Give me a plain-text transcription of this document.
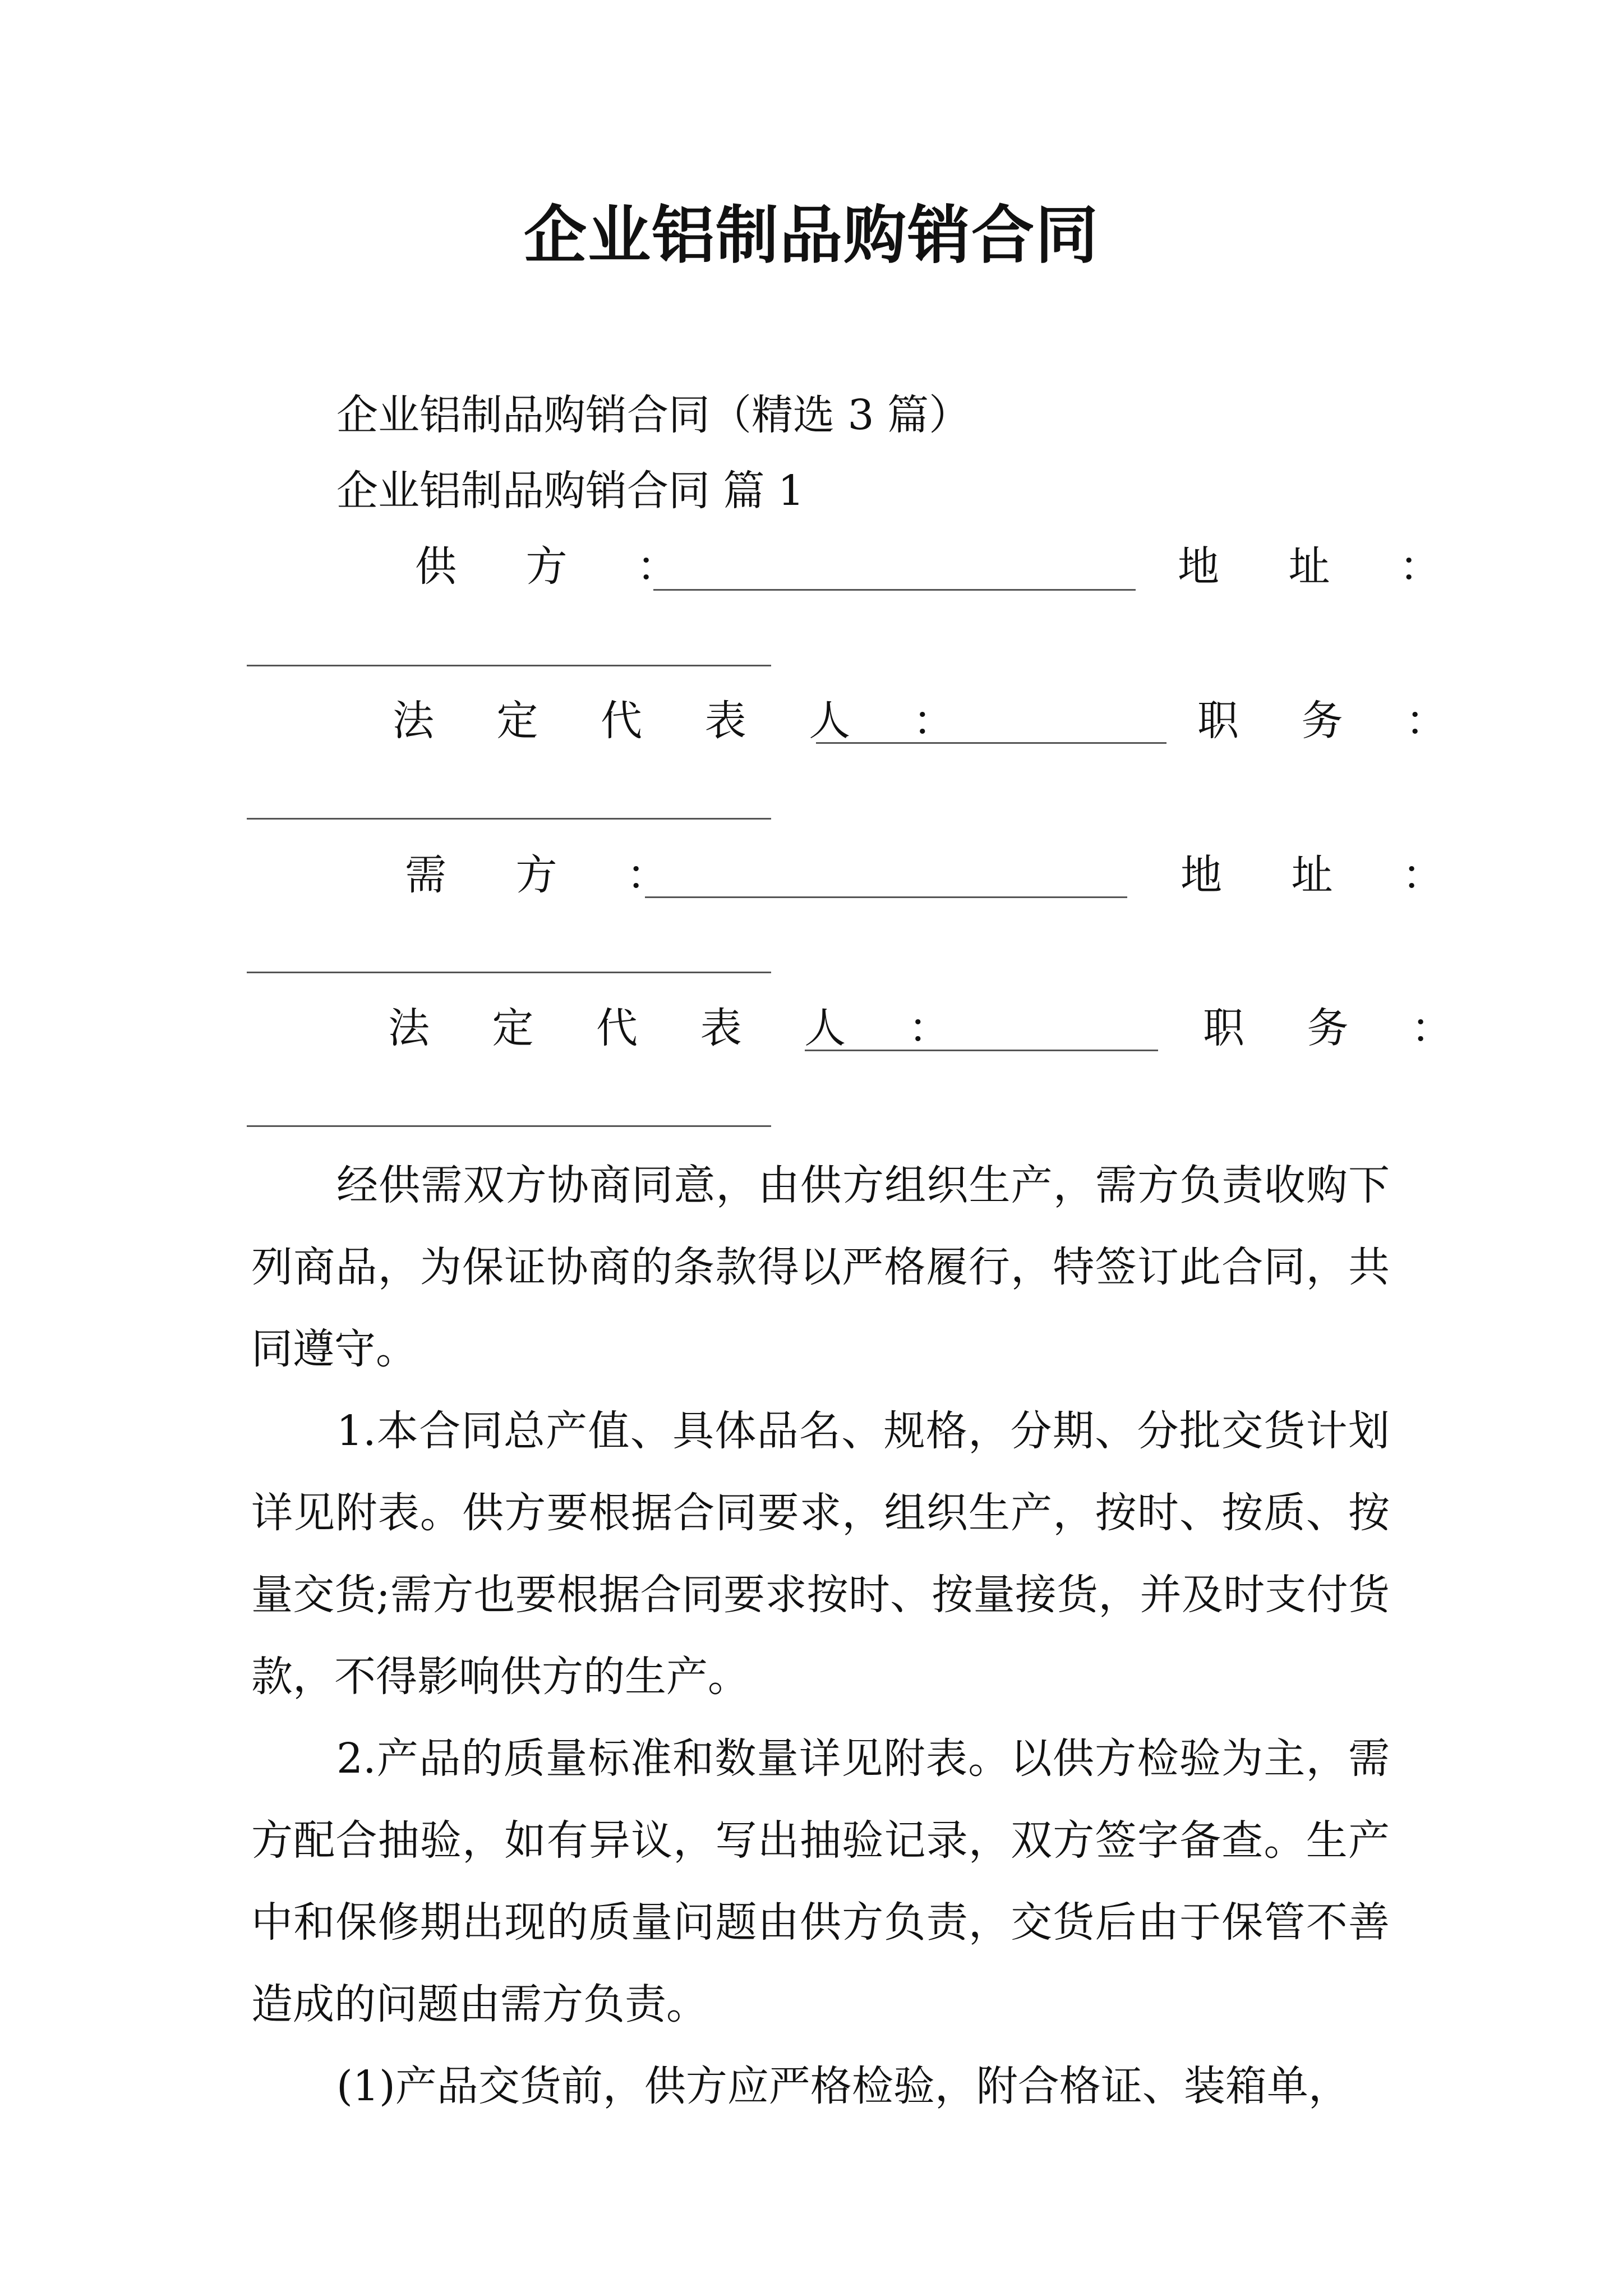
企业铝制品购销合同
企业铝制品购销合同（精选 3 篇）
企业铝制品购销合同 篇 1
供 方 ：	地 址 ：
法 定 代 表 人 ：	职 务 ：
需 方 ：	地 址 ：
法 定 代 表 人 ：	职 务 ：
经供需双方协商同意，由供方组织生产，需方负责收购下列商品，为保证协商的条款得以严格履行，特签订此合同，共同遵守。
1.本合同总产值、具体品名、规格，分期、分批交货计划详见附表。供方要根据合同要求，组织生产，按时、按质、按量交货;需方也要根据合同要求按时、按量接货，并及时支付货款，不得影响供方的生产。
2.产品的质量标准和数量详见附表。以供方检验为主，需方配合抽验，如有异议，写出抽验记录，双方签字备查。生产中和保修期出现的质量问题由供方负责，交货后由于保管不善造成的问题由需方负责。
(1)产品交货前，供方应严格检验，附合格证、装箱单，
